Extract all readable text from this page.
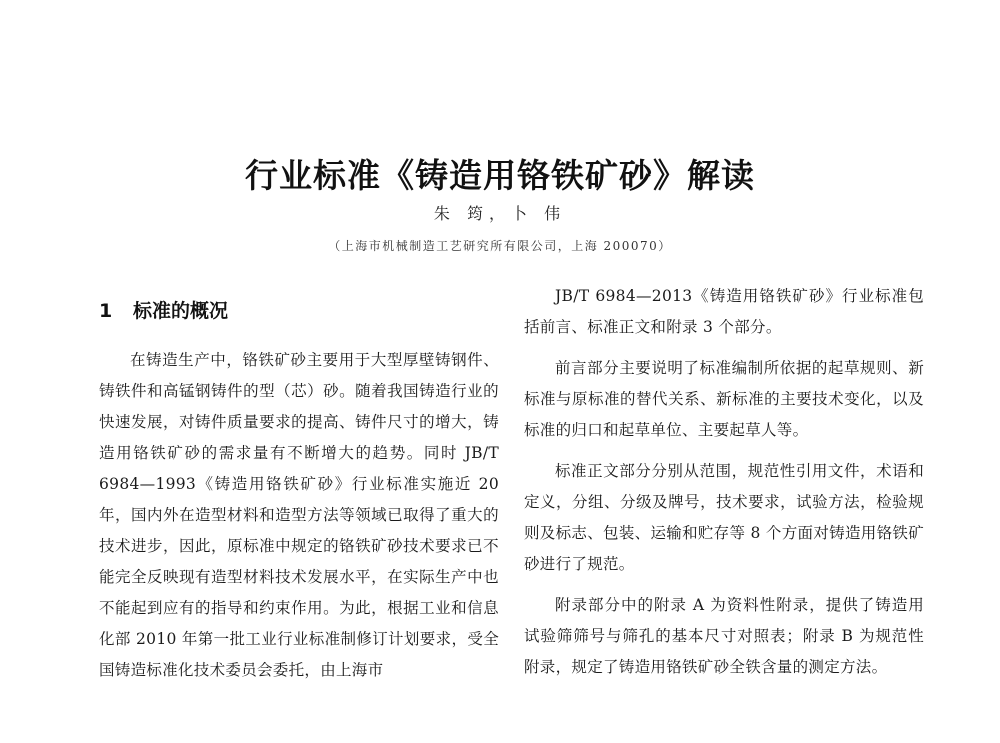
行业标准《铸造用铬铁矿砂》解读
朱 筠，卜 伟
（上海市机械制造工艺研究所有限公司，上海 200070）
1 标准的概况

在铸造生产中，铬铁矿砂主要用于大型厚壁铸钢件、铸铁件和高锰钢铸件的型（芯）砂。随着我国铸造行业的快速发展，对铸件质量要求的提高、铸件尺寸的增大，铸造用铬铁矿砂的需求量有不断增大的趋势。同时 JB/T 6984—1993《铸造用铬铁矿砂》行业标准实施近 20 年，国内外在造型材料和造型方法等领域已取得了重大的技术进步，因此，原标准中规定的铬铁矿砂技术要求已不能完全反映现有造型材料技术发展水平，在实际生产中也不能起到应有的指导和约束作用。为此，根据工业和信息化部 2010 年第一批工业行业标准制修订计划要求，受全国铸造标准化技术委员会委托，由上海市

JB/T 6984—2013《铸造用铬铁矿砂》行业标准包括前言、标准正文和附录 3 个部分。

前言部分主要说明了标准编制所依据的起草规则、新标准与原标准的替代关系、新标准的主要技术变化，以及标准的归口和起草单位、主要起草人等。

标准正文部分分别从范围，规范性引用文件，术语和定义，分组、分级及牌号，技术要求，试验方法，检验规则及标志、包装、运输和贮存等 8 个方面对铸造用铬铁矿砂进行了规范。

附录部分中的附录 A 为资料性附录，提供了铸造用试验筛筛号与筛孔的基本尺寸对照表；附录 B 为规范性附录，规定了铸造用铬铁矿砂全铁含量的测定方法。
